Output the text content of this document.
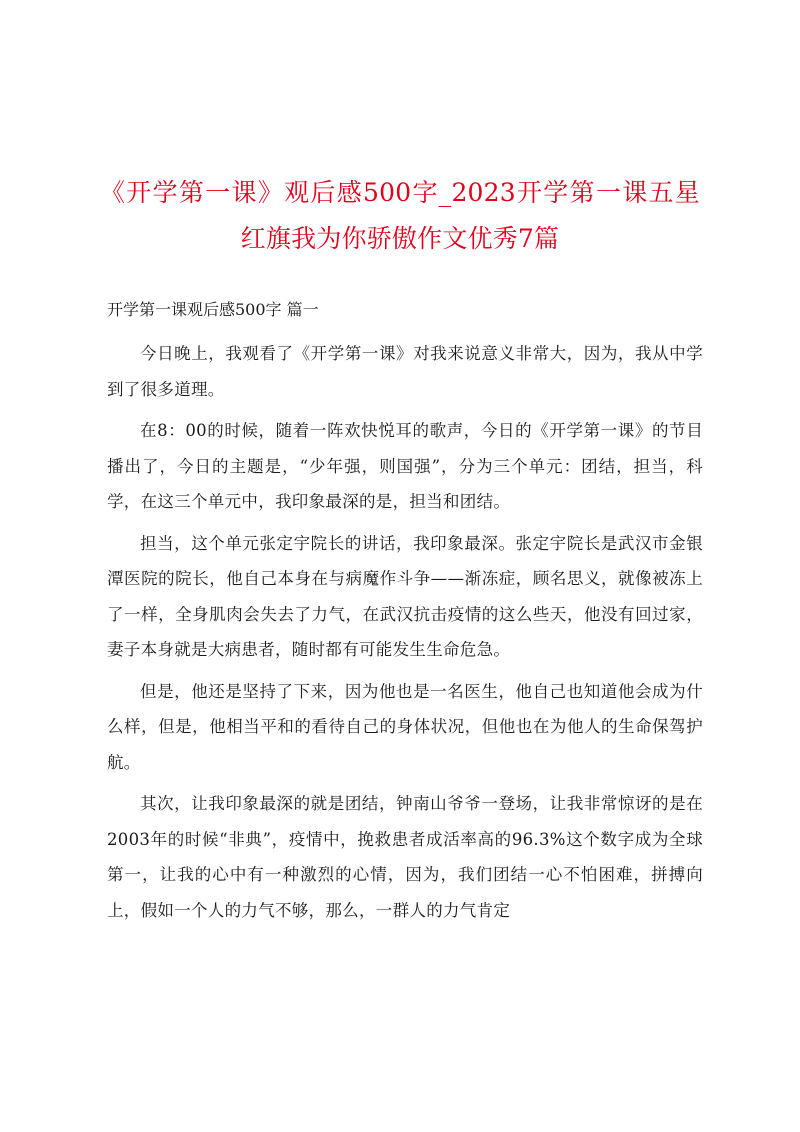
《开学第一课》观后感500字_2023开学第一课五星红旗我为你骄傲作文优秀7篇
开学第一课观后感500字 篇一

今日晚上，我观看了《开学第一课》对我来说意义非常大，因为，我从中学到了很多道理。

在8：00的时候，随着一阵欢快悦耳的歌声，今日的《开学第一课》的节目播出了，今日的主题是，“少年强，则国强”，分为三个单元：团结，担当，科学，在这三个单元中，我印象最深的是，担当和团结。

担当，这个单元张定宇院长的讲话，我印象最深。张定宇院长是武汉市金银潭医院的院长，他自己本身在与病魔作斗争——渐冻症，顾名思义，就像被冻上了一样，全身肌肉会失去了力气，在武汉抗击疫情的这么些天，他没有回过家，妻子本身就是大病患者，随时都有可能发生生命危急。

但是，他还是坚持了下来，因为他也是一名医生，他自己也知道他会成为什么样，但是，他相当平和的看待自己的身体状况，但他也在为他人的生命保驾护航。

其次，让我印象最深的就是团结，钟南山爷爷一登场，让我非常惊讶的是在2003年的时候“非典”，疫情中，挽救患者成活率高的96.3%这个数字成为全球第一，让我的心中有一种激烈的心情，因为，我们团结一心不怕困难，拼搏向上，假如一个人的力气不够，那么，一群人的力气肯定
